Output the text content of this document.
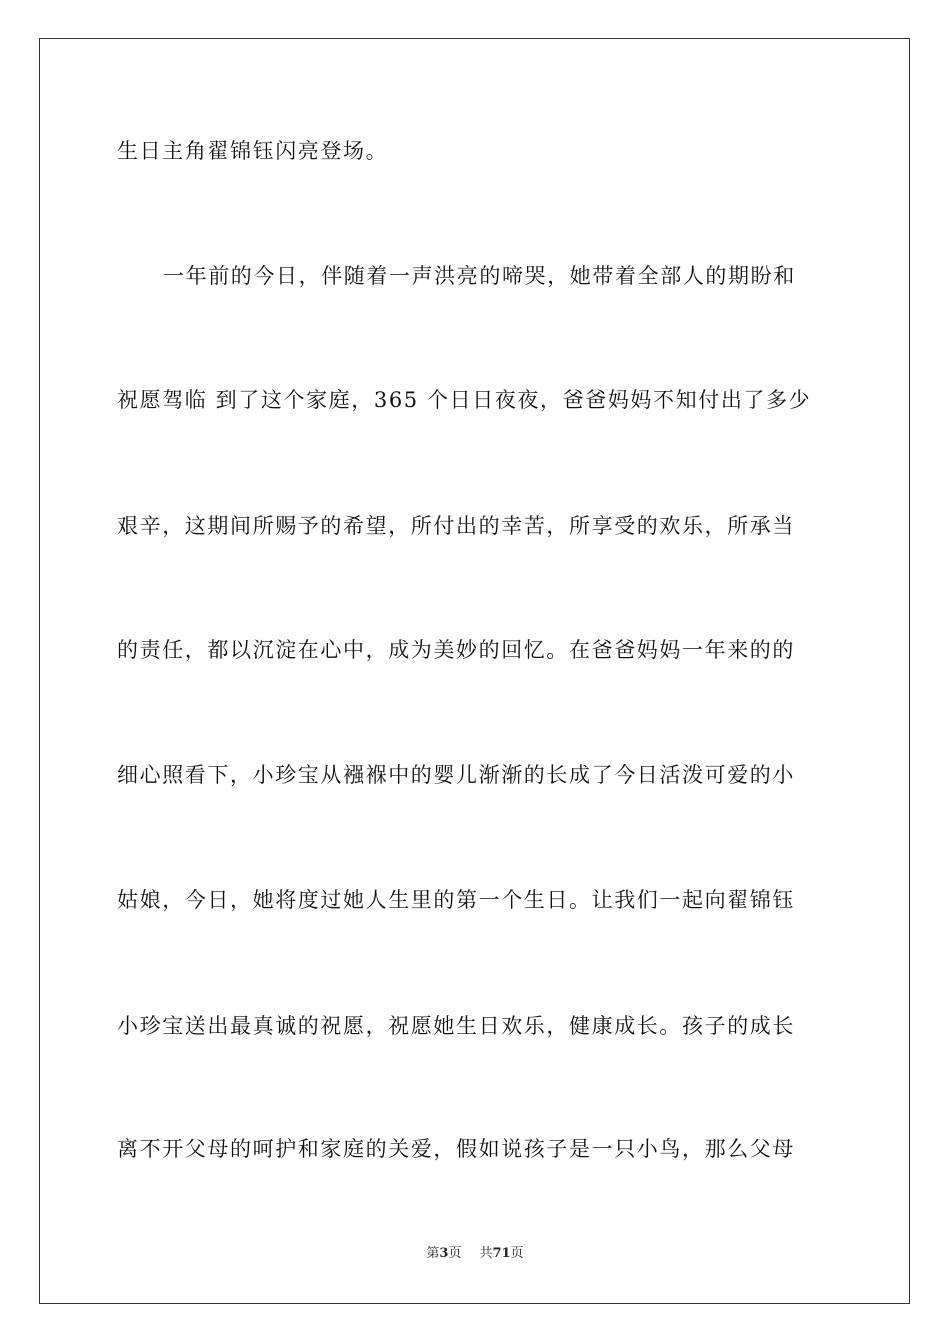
生日主角翟锦钰闪亮登场。
一年前的今日，伴随着一声洪亮的啼哭，她带着全部人的期盼和
祝愿驾临 到了这个家庭，365 个日日夜夜，爸爸妈妈不知付出了多少
艰辛，这期间所赐予的希望，所付出的幸苦，所享受的欢乐，所承当
的责任，都以沉淀在心中，成为美妙的回忆。在爸爸妈妈一年来的的
细心照看下，小珍宝从襁褓中的婴儿渐渐的长成了今日活泼可爱的小
姑娘，今日，她将度过她人生里的第一个生日。让我们一起向翟锦钰
小珍宝送出最真诚的祝愿，祝愿她生日欢乐，健康成长。孩子的成长
离不开父母的呵护和家庭的关爱，假如说孩子是一只小鸟，那么父母
第3页 共71页
